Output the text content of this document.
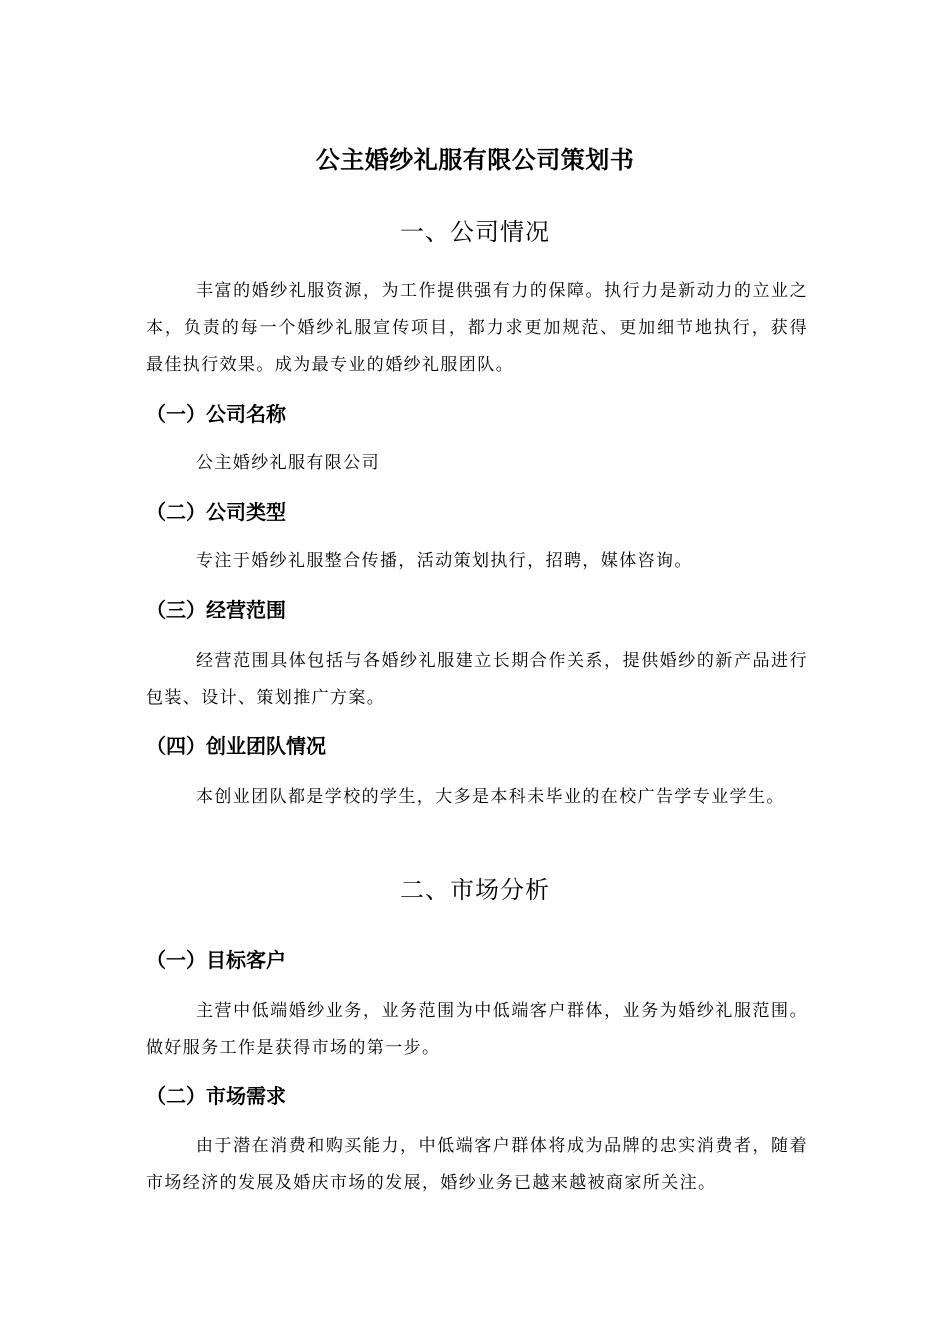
公主婚纱礼服有限公司策划书
一、公司情况

丰富的婚纱礼服资源，为工作提供强有力的保障。执行力是新动力的立业之本，负责的每一个婚纱礼服宣传项目，都力求更加规范、更加细节地执行，获得最佳执行效果。成为最专业的婚纱礼服团队。

（一）公司名称

公主婚纱礼服有限公司

（二）公司类型

专注于婚纱礼服整合传播，活动策划执行，招聘，媒体咨询。

（三）经营范围

经营范围具体包括与各婚纱礼服建立长期合作关系，提供婚纱的新产品进行包装、设计、策划推广方案。

（四）创业团队情况

本创业团队都是学校的学生，大多是本科未毕业的在校广告学专业学生。

二、市场分析
（一）目标客户

主营中低端婚纱业务，业务范围为中低端客户群体，业务为婚纱礼服范围。做好服务工作是获得市场的第一步。

（二）市场需求

由于潜在消费和购买能力，中低端客户群体将成为品牌的忠实消费者，随着市场经济的发展及婚庆市场的发展，婚纱业务已越来越被商家所关注。
